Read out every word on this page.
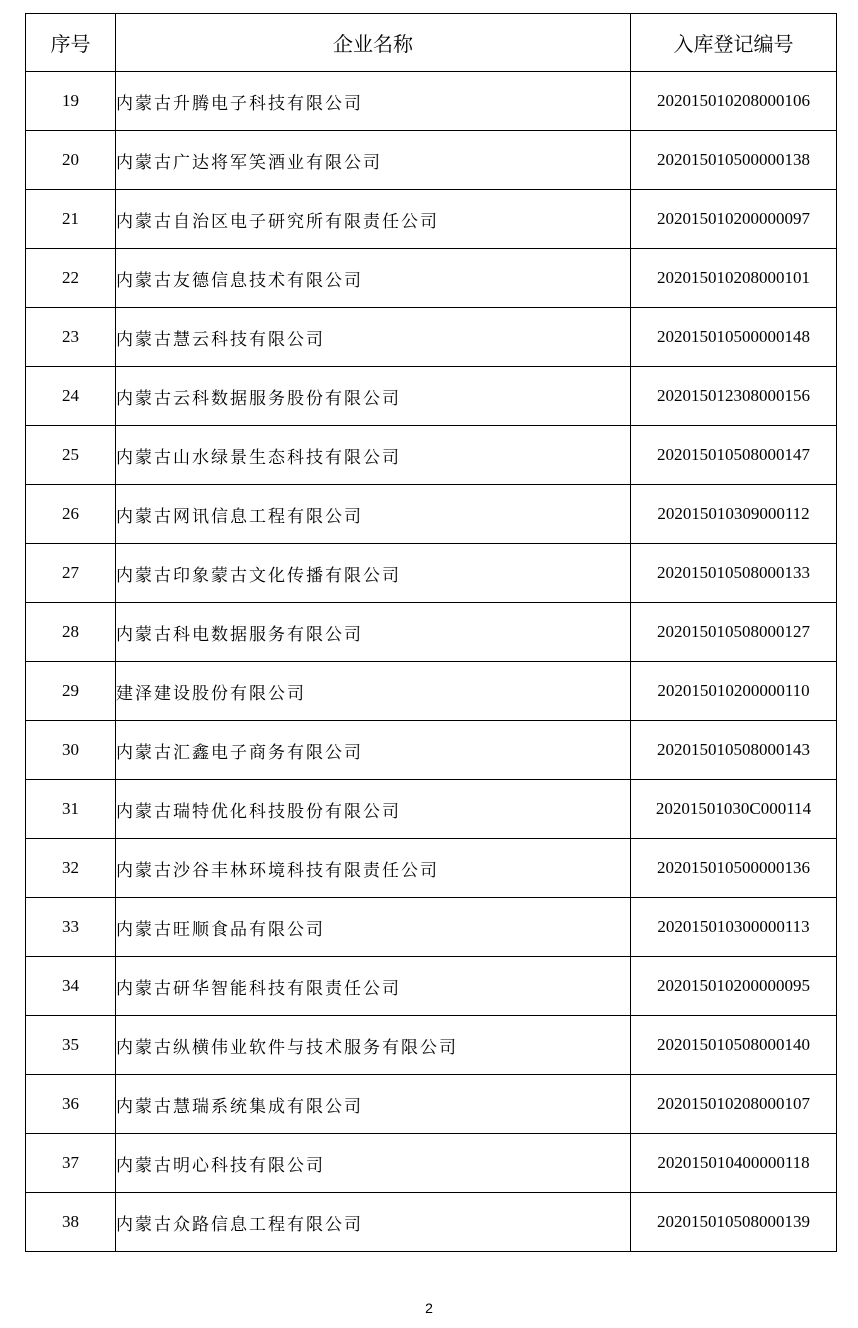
序号	企业名称	入库登记编号
19	内蒙古升腾电子科技有限公司	202015010208000106
20	内蒙古广达将军笑酒业有限公司	202015010500000138
21	内蒙古自治区电子研究所有限责任公司	202015010200000097
22	内蒙古友德信息技术有限公司	202015010208000101
23	内蒙古慧云科技有限公司	202015010500000148
24	内蒙古云科数据服务股份有限公司	202015012308000156
25	内蒙古山水绿景生态科技有限公司	202015010508000147
26	内蒙古网讯信息工程有限公司	202015010309000112
27	内蒙古印象蒙古文化传播有限公司	202015010508000133
28	内蒙古科电数据服务有限公司	202015010508000127
29	建泽建设股份有限公司	202015010200000110
30	内蒙古汇鑫电子商务有限公司	202015010508000143
31	内蒙古瑞特优化科技股份有限公司	20201501030C000114
32	内蒙古沙谷丰林环境科技有限责任公司	202015010500000136
33	内蒙古旺顺食品有限公司	202015010300000113
34	内蒙古研华智能科技有限责任公司	202015010200000095
35	内蒙古纵横伟业软件与技术服务有限公司	202015010508000140
36	内蒙古慧瑞系统集成有限公司	202015010208000107
37	内蒙古明心科技有限公司	202015010400000118
38	内蒙古众路信息工程有限公司	202015010508000139
2
